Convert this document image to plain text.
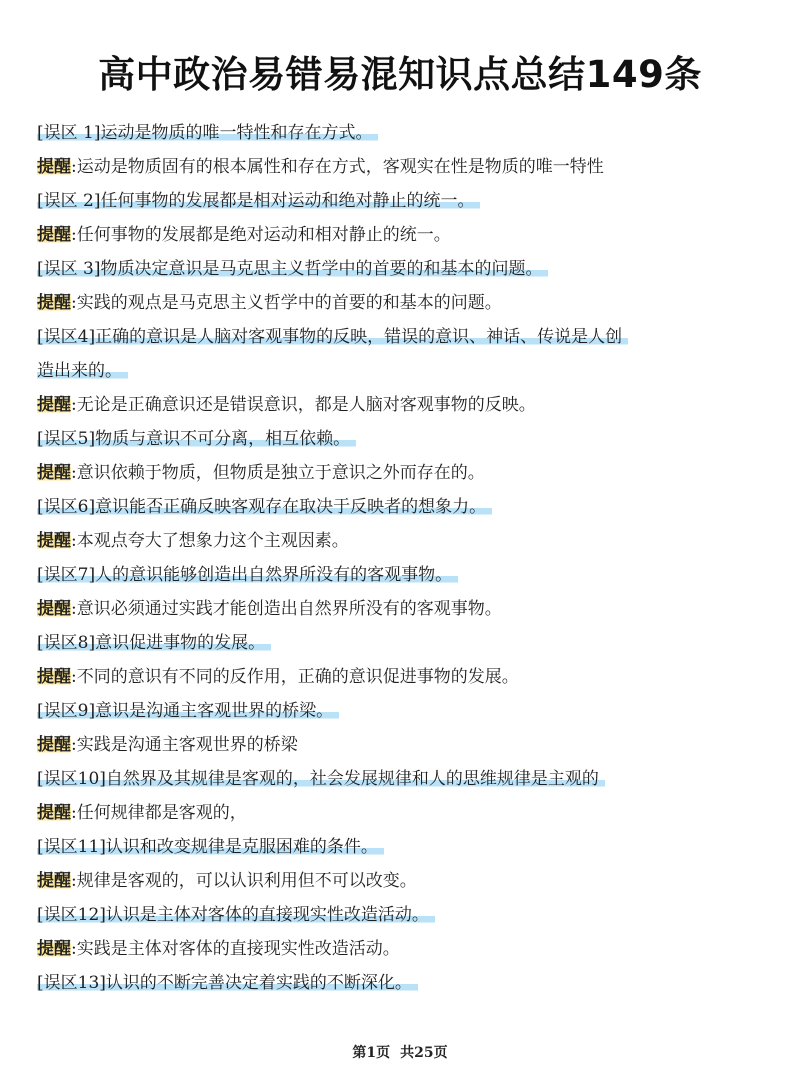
高中政治易错易混知识点总结149条
[误区 1]运动是物质的唯一特性和存在方式。
提醒:运动是物质固有的根本属性和存在方式，客观实在性是物质的唯一特性
[误区 2]任何事物的发展都是相对运动和绝对静止的统一。
提醒:任何事物的发展都是绝对运动和相对静止的统一。
[误区 3]物质决定意识是马克思主义哲学中的首要的和基本的问题。
提醒:实践的观点是马克思主义哲学中的首要的和基本的问题。
[误区4]正确的意识是人脑对客观事物的反映，错误的意识、神话、传说是人创
造出来的。
提醒:无论是正确意识还是错误意识，都是人脑对客观事物的反映。
[误区5]物质与意识不可分离，相互依赖。
提醒:意识依赖于物质，但物质是独立于意识之外而存在的。
[误区6]意识能否正确反映客观存在取决于反映者的想象力。
提醒:本观点夸大了想象力这个主观因素。
[误区7]人的意识能够创造出自然界所没有的客观事物。
提醒:意识必须通过实践才能创造出自然界所没有的客观事物。
[误区8]意识促进事物的发展。
提醒:不同的意识有不同的反作用，正确的意识促进事物的发展。
[误区9]意识是沟通主客观世界的桥梁。
提醒:实践是沟通主客观世界的桥梁
[误区10]自然界及其规律是客观的，社会发展规律和人的思维规律是主观的
提醒:任何规律都是客观的，
[误区11]认识和改变规律是克服困难的条件。
提醒:规律是客观的，可以认识利用但不可以改变。
[误区12]认识是主体对客体的直接现实性改造活动。
提醒:实践是主体对客体的直接现实性改造活动。
[误区13]认识的不断完善决定着实践的不断深化。
第1页 共25页
